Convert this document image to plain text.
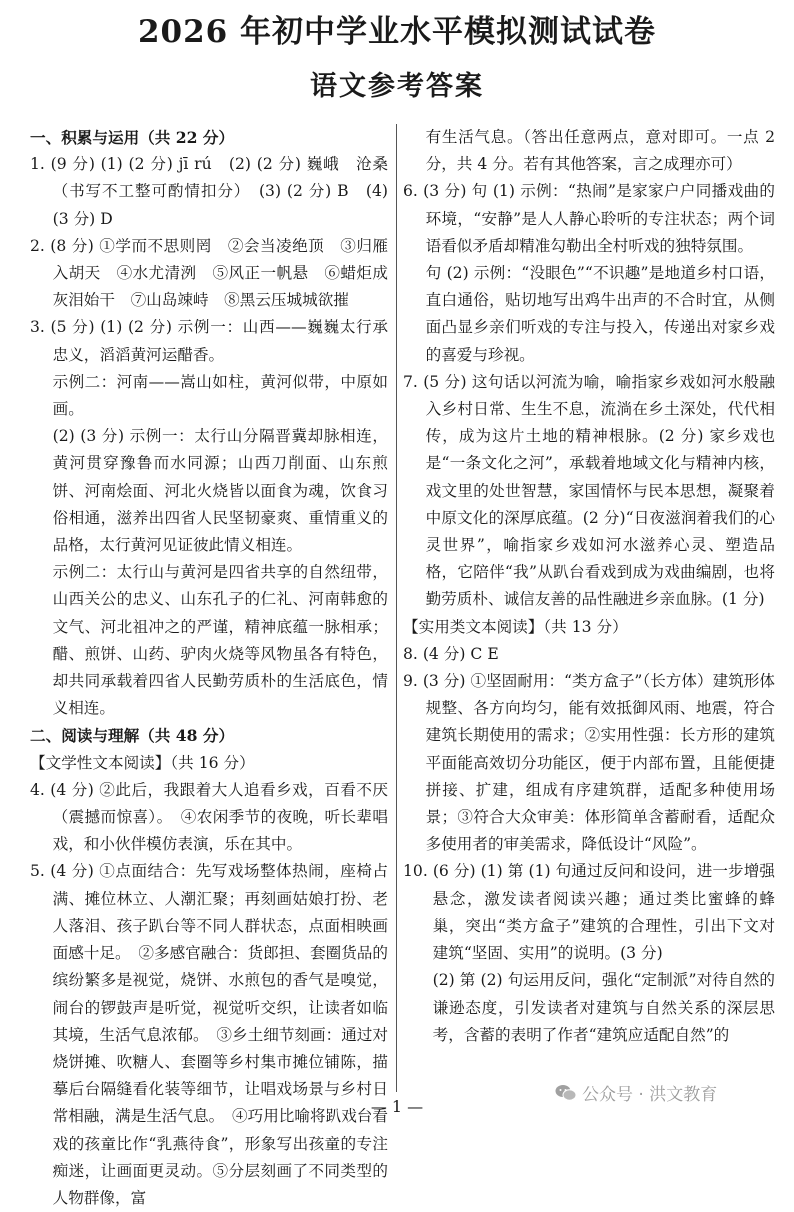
2026 年初中学业水平模拟测试试卷
语文参考答案

一、积累与运用（共 22 分）

1. (9 分) (1) (2 分) jī rú　(2) (2 分) 巍峨　沧桑（书写不工整可酌情扣分）　(3) (2 分) B　(4) (3 分) D

2. (8 分) ①学而不思则罔　②会当凌绝顶　③归雁入胡天　④水尤清洌　⑤风正一帆悬　⑥蜡炬成灰泪始干　⑦山岛竦峙　⑧黑云压城城欲摧

3. (5 分) (1) (2 分) 示例一：山西——巍巍太行承忠义，滔滔黄河运醋香。

示例二：河南——嵩山如柱，黄河似带，中原如画。

(2) (3 分) 示例一：太行山分隔晋冀却脉相连，黄河贯穿豫鲁而水同源；山西刀削面、山东煎饼、河南烩面、河北火烧皆以面食为魂，饮食习俗相通，滋养出四省人民坚韧豪爽、重情重义的品格，太行黄河见证彼此情义相连。

示例二：太行山与黄河是四省共享的自然纽带，山西关公的忠义、山东孔子的仁礼、河南韩愈的文气、河北祖冲之的严谨，精神底蕴一脉相承；醋、煎饼、山药、驴肉火烧等风物虽各有特色，却共同承载着四省人民勤劳质朴的生活底色，情义相连。

二、阅读与理解（共 48 分）

【文学性文本阅读】（共 16 分）

4. (4 分) ②此后，我跟着大人追看乡戏，百看不厌（震撼而惊喜）。　④农闲季节的夜晚，听长辈唱戏，和小伙伴模仿表演，乐在其中。

5. (4 分) ①点面结合：先写戏场整体热闹，座椅占满、摊位林立、人潮汇聚；再刻画姑娘打扮、老人落泪、孩子趴台等不同人群状态，点面相映画面感十足。　②多感官融合：货郎担、套圈货品的缤纷繁多是视觉，烧饼、水煎包的香气是嗅觉，闹台的锣鼓声是听觉，视觉听交织，让读者如临其境，生活气息浓郁。　③乡土细节刻画：通过对烧饼摊、吹糖人、套圈等乡村集市摊位铺陈，描摹后台隔缝看化装等细节，让唱戏场景与乡村日常相融，满是生活气息。　④巧用比喻将趴戏台看戏的孩童比作“乳燕待食”，形象写出孩童的专注痴迷，让画面更灵动。⑤分层刻画了不同类型的人物群像，富

有生活气息。（答出任意两点，意对即可。一点 2 分，共 4 分。若有其他答案，言之成理亦可）

6. (3 分) 句 (1) 示例：“热闹”是家家户户同播戏曲的环境，“安静”是人人静心聆听的专注状态；两个词语看似矛盾却精准勾勒出全村听戏的独特氛围。

句 (2) 示例：“没眼色”“不识趣”是地道乡村口语，直白通俗，贴切地写出鸡牛出声的不合时宜，从侧面凸显乡亲们听戏的专注与投入，传递出对家乡戏的喜爱与珍视。

7. (5 分) 这句话以河流为喻，喻指家乡戏如河水般融入乡村日常、生生不息，流淌在乡土深处，代代相传，成为这片土地的精神根脉。(2 分) 家乡戏也是“一条文化之河”，承载着地域文化与精神内核，戏文里的处世智慧，家国情怀与民本思想，凝聚着中原文化的深厚底蕴。(2 分)“日夜滋润着我们的心灵世界”，喻指家乡戏如河水滋养心灵、塑造品格，它陪伴“我”从趴台看戏到成为戏曲编剧，也将勤劳质朴、诚信友善的品性融进乡亲血脉。(1 分)

【实用类文本阅读】（共 13 分）

8. (4 分) C E

9. (3 分) ①坚固耐用：“类方盒子”（长方体）建筑形体规整、各方向均匀，能有效抵御风雨、地震，符合建筑长期使用的需求；②实用性强：长方形的建筑平面能高效切分功能区，便于内部布置，且能便捷拼接、扩建，组成有序建筑群，适配多种使用场景；③符合大众审美：体形简单含蓄耐看，适配众多使用者的审美需求，降低设计“风险”。

10. (6 分) (1) 第 (1) 句通过反问和设问，进一步增强悬念，激发读者阅读兴趣；通过类比蜜蜂的蜂巢，突出“类方盒子”建筑的合理性，引出下文对建筑“坚固、实用”的说明。(3 分)

(2) 第 (2) 句运用反问，强化“定制派”对待自然的谦逊态度，引发读者对建筑与自然关系的深层思考，含蓄的表明了作者“建筑应适配自然”的

— 1 —
公众号 · 洪文教育
